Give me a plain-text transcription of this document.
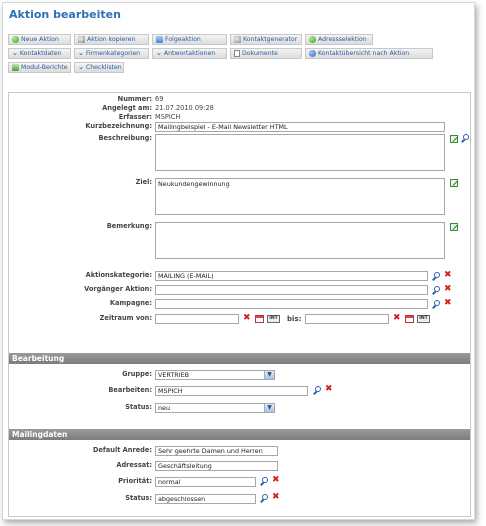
Aktion bearbeiten
Neue Aktion	Aktion kopieren	Folgeaktion	Kontaktgenerator	Adressselektion
⌄ Kontaktdaten ⌄ Firmenkategorien ⌄ Antwortaktionen	Dokumente	Kontaktübersicht nach Aktion
Modul-Berichte ⌄ Checklisten
Nummer: 69
Angelegt am: 21.07.2010 09:28
Erfasser: MSPICH
Kurzbezeichnung: Mailingbeispiel - E-Mail Newsletter HTML
Beschreibung:
Ziel: Neukundengewinnung
Bemerkung:
Aktionskategorie: MAILING (E-MAIL)	✖
Vorgänger Aktion:	✖
Kampagne:	✖
Zeitraum von:	✖	INT	bis:	✖	INT
Bearbeitung
Gruppe: VERTRIEB	▼
Bearbeiten: MSPICH	✖
Status: neu	▼
Mailingdaten
Default Anrede: Sehr geehrte Damen und Herren
Adressat: Geschäftsleitung
Priorität: normal	✖
Status: abgeschlossen	✖
